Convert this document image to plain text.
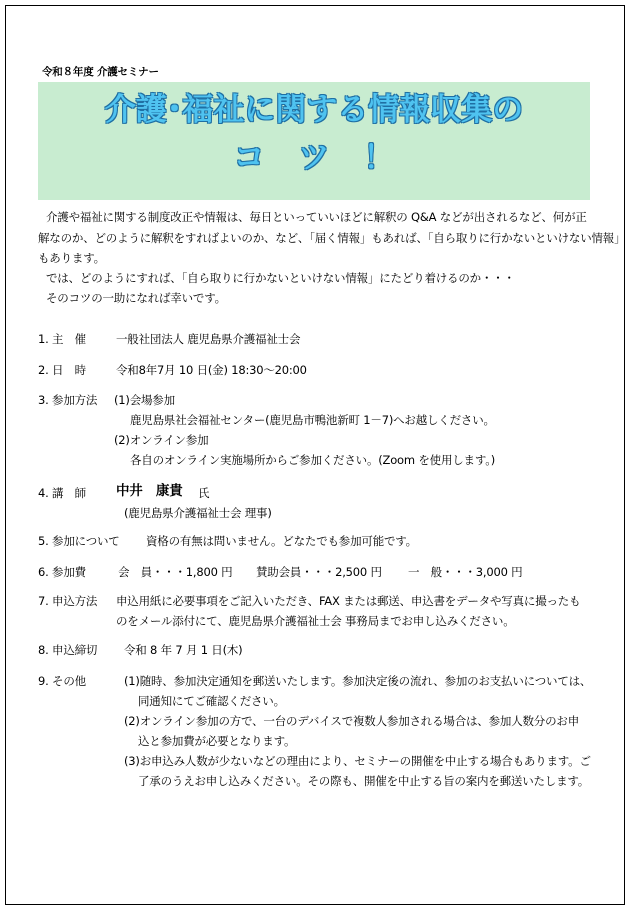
令和８年度 介護セミナー
介護･福祉に関する情報収集の
コツ！
介護や福祉に関する制度改正や情報は、毎日といっていいほどに解釈の Q&A などが出されるなど、何が正
解なのか、どのように解釈をすればよいのか、など、「届く情報」もあれば、「自ら取りに行かないといけない情報」
もあります。
では、どのようにすれば、「自ら取りに行かないといけない情報」にたどり着けるのか・・・
そのコツの一助になれば幸いです。
1. 主　催	一般社団法人 鹿児島県介護福祉士会
2. 日　時	令和8年7月 10 日(金) 18:30～20:00
3. 参加方法 (1)会場参加
鹿児島県社会福祉センター(鹿児島市鴨池新町 1－7)へお越しください。
(2)オンライン参加
各自のオンライン実施場所からご参加ください。(Zoom を使用します。)
4. 講　師 中井　康貴 氏
(鹿児島県介護福祉士会 理事)
5. 参加について 資格の有無は問いません。どなたでも参加可能です。
6. 参加費	会　員・・・1,800 円 賛助会員・・・2,500 円 一　般・・・3,000 円
7. 申込方法 申込用紙に必要事項をご記入いただき、FAX または郵送、申込書をデータや写真に撮ったも
のをメール添付にて、鹿児島県介護福祉士会 事務局までお申し込みください。
8. 申込締切 令和 8 年 7 月 1 日(木)
9. その他	(1)随時、参加決定通知を郵送いたします。参加決定後の流れ、参加のお支払いについては、
同通知にてご確認ください。
(2)オンライン参加の方で、一台のデバイスで複数人参加される場合は、参加人数分のお申
込と参加費が必要となります。
(3)お申込み人数が少ないなどの理由により、セミナーの開催を中止する場合もあります。ご
了承のうえお申し込みください。その際も、開催を中止する旨の案内を郵送いたします。
